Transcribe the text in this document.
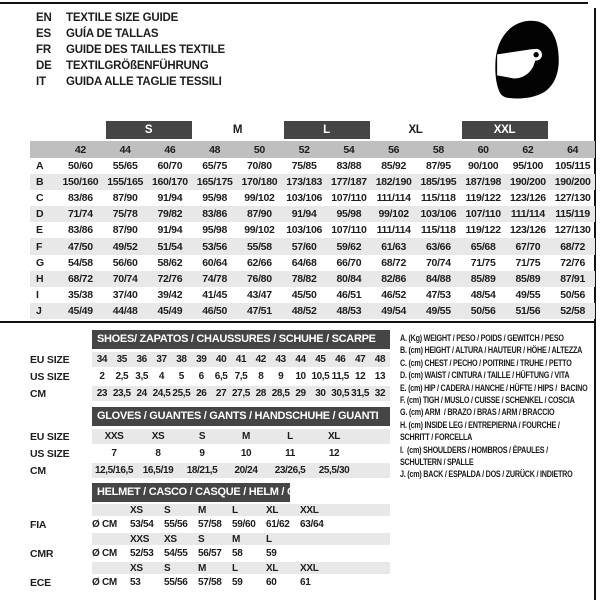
EN	TEXTILE SIZE GUIDE
ES	GUÍA DE TALLAS
FR	GUIDE DES TAILLES TEXTILE
DE	TEXTILGRÖßENFÜHRUNG
IT	GUIDA ALLE TAGLIE TESSILI
S	M	L	XL	XXL
42	44	46	48	50	52	54	56	58	60	62	64
A	50/60	55/65	60/70	65/75	70/80	75/85	83/88	85/92	87/95	90/100	95/100	105/115
B	150/160 155/165 160/170 165/175 170/180 173/183 177/187 182/190 185/195 187/198 190/200 190/200
C	83/86	87/90	91/94	95/98	99/102	103/106 107/110 111/114 115/118 119/122 123/126 127/130
D	71/74	75/78	79/82	83/86	87/90	91/94	95/98	99/102	103/106 107/110 111/114 115/119
E	83/86	87/90	91/94	95/98	99/102	103/106 107/110 111/114 115/118 119/122 123/126 127/130
F	47/50	49/52	51/54	53/56	55/58	57/60	59/62	61/63	63/66	65/68	67/70	68/72
G	54/58	56/60	58/62	60/64	62/66	64/68	66/70	68/72	70/74	71/75	71/75	72/76
H	68/72	70/74	72/76	74/78	76/80	78/82	80/84	82/86	84/88	85/89	85/89	87/91
I	35/38	37/40	39/42	41/45	43/47	45/50	46/51	46/52	47/53	48/54	49/55	50/56
J	45/49	44/48	45/49	46/50	47/51	48/52	48/53	49/54	49/55	50/56	51/56	52/58
SHOES/ ZAPATOS / CHAUSSURES / SCHUHE / SCARPE
EU SIZE	34 35 36 37 38 39 40 41 42 43 44 45 46 47 48
US SIZE	2	2,5 3,5	4	5	6	6,5 7,5	8	9	10 10,5 11,5 12 13
CM	23 23,5 24 24,5 25,5 26 27 27,5 28 28,5 29 30 30,5 31,5 32
GLOVES / GUANTES / GANTS / HANDSCHUHE / GUANTI
EU SIZE	XXS	XS	S	M	L	XL
US SIZE	7	8	9	10	11	12
CM	12,5/16,5 16,5/19	18/21,5	20/24	23/26,5	25,5/30
HELMET / CASCO / CASQUE / HELM / CASCO
XS	S	M	L	XL	XXL
FIA	Ø CM	53/54	55/56	57/58	59/60	61/62	63/64
XXS	XS	S	M	L
CMR	Ø CM	52/53	54/55	56/57	58	59
XS	S	M	L	XL	XXL
ECE	Ø CM	53	55/56	57/58	59	60	61
A. (Kg) WEIGHT / PESO / POIDS / GEWITCH / PESO
B. (cm) HEIGHT / ALTURA / HAUTEUR / HÖHE / ALTEZZA
C. (cm) CHEST / PECHO / POITRINE / TRUHE / PETTO
D. (cm) WAIST / CINTURA / TAILLE / HÜFTUNG / VITA
E. (cm) HIP / CADERA / HANCHE / HÜFTE / HIPS /  BACINO
F. (cm) TIGH / MUSLO / CUISSE / SCHENKEL / COSCIA
G. (cm) ARM  / BRAZO / BRAS / ARM / BRACCIO
H. (cm) INSIDE LEG / ENTREPIERNA / FOURCHE /
SCHRITT / FORCELLA
I.  (cm) SHOULDERS / HOMBROS / ÉPAULES /
SCHULTERN / SPALLE
J. (cm) BACK / ESPALDA / DOS / ZURÜCK / INDIETRO
